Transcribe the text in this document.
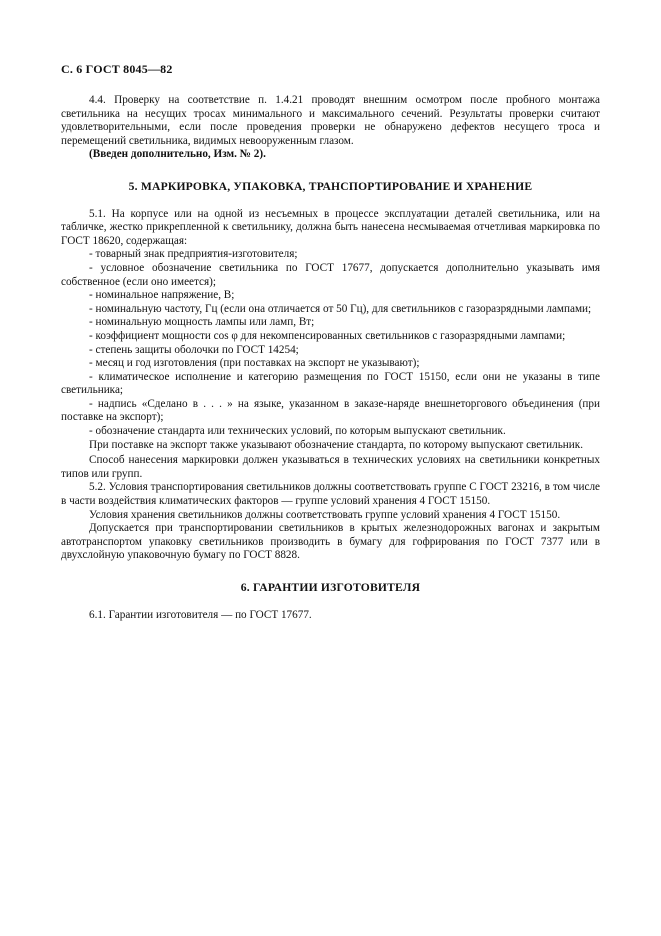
С. 6 ГОСТ 8045—82

4.4. Проверку на соответствие п. 1.4.21 проводят внешним осмотром после пробного монтажа светильника на несущих тросах минимального и максимального сечений. Результаты проверки считают удовлетворительными, если после проведения проверки не обнаружено дефектов несущего троса и перемещений светильника, видимых невооруженным глазом.

(Введен дополнительно, Изм. № 2).

5. МАРКИРОВКА, УПАКОВКА, ТРАНСПОРТИРОВАНИЕ И ХРАНЕНИЕ

5.1. На корпусе или на одной из несъемных в процессе эксплуатации деталей светильника, или на табличке, жестко прикрепленной к светильнику, должна быть нанесена несмываемая отчетливая маркировка по ГОСТ 18620, содержащая:

- товарный знак предприятия-изготовителя;

- условное обозначение светильника по ГОСТ 17677, допускается дополнительно указывать имя собственное (если оно имеется);

- номинальное напряжение, В;

- номинальную частоту, Гц (если она отличается от 50 Гц), для светильников с газоразрядными лампами;

- номинальную мощность лампы или ламп, Вт;

- коэффициент мощности cos φ для некомпенсированных светильников с газоразрядными лампами;

- степень защиты оболочки по ГОСТ 14254;

- месяц и год изготовления (при поставках на экспорт не указывают);

- климатическое исполнение и категорию размещения по ГОСТ 15150, если они не указаны в типе светильника;

- надпись «Сделано в . . . » на языке, указанном в заказе-наряде внешнеторгового объединения (при поставке на экспорт);

- обозначение стандарта или технических условий, по которым выпускают светильник.

При поставке на экспорт также указывают обозначение стандарта, по которому выпускают светильник.

Способ нанесения маркировки должен указываться в технических условиях на светильники конкретных типов или групп.

5.2. Условия транспортирования светильников должны соответствовать группе С ГОСТ 23216, в том числе в части воздействия климатических факторов — группе условий хранения 4 ГОСТ 15150.

Условия хранения светильников должны соответствовать группе условий хранения 4 ГОСТ 15150.

Допускается при транспортировании светильников в крытых железнодорожных вагонах и закрытым автотранспортом упаковку светильников производить в бумагу для гофрирования по ГОСТ 7377 или в двухслойную упаковочную бумагу по ГОСТ 8828.

6. ГАРАНТИИ ИЗГОТОВИТЕЛЯ

6.1. Гарантии изготовителя — по ГОСТ 17677.
